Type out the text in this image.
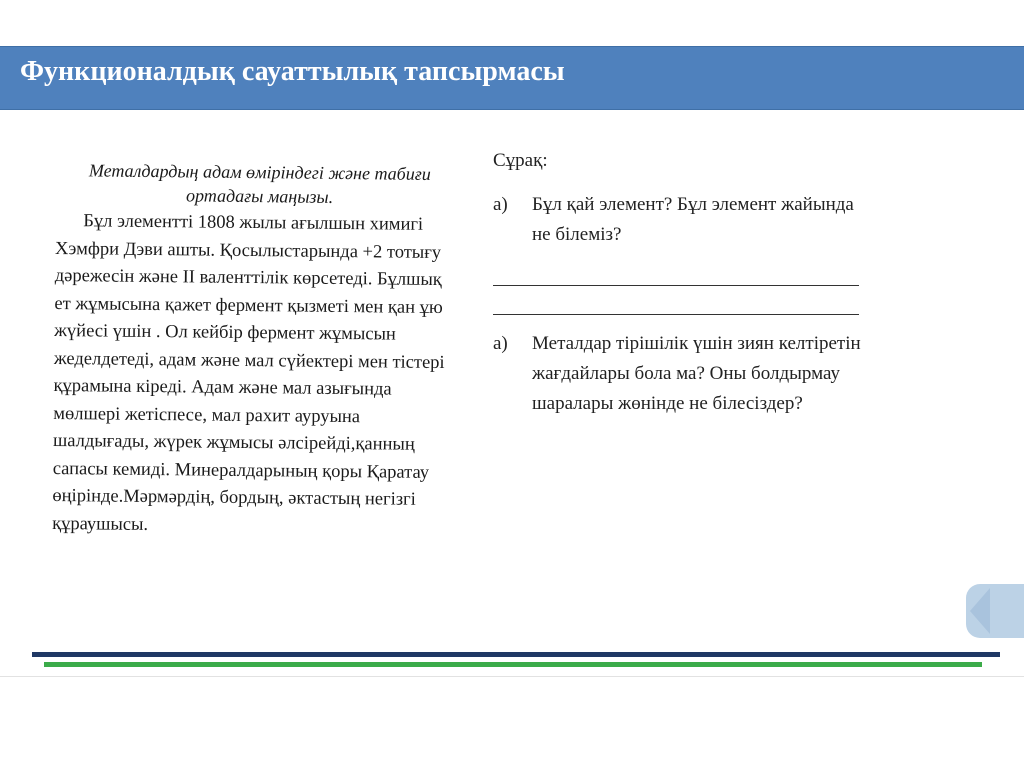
Функционалдық сауаттылық тапсырмасы

Металдардың адам өміріндегі және табиғи
ортадағы маңызы.

Бұл элементті 1808 жылы ағылшын химигі Хэмфри Дэви ашты. Қосылыстарында +2 тотығу дәрежесін және II валенттілік көрсетеді. Бұлшық ет жұмысына қажет фермент қызметі мен қан ұю жүйесі үшін . Ол кейбір фермент жұмысын жеделдетеді, адам және мал сүйектері мен тістері құрамына кіреді. Адам және мал азығында мөлшері жетіспесе, мал рахит ауруына шалдығады, жүрек жұмысы әлсірейді,қанның сапасы кемиді. Минералдарының қоры Қаратау өңірінде.Мәрмәрдің, бордың, әктастың негізгі құраушысы.

Сұрақ:
а) Бұл қай элемент? Бұл элемент жайында не білеміз?
а) Металдар тірішілік үшін зиян келтіретін жағдайлары бола ма? Оны болдырмау шаралары жөнінде не білесіздер?
